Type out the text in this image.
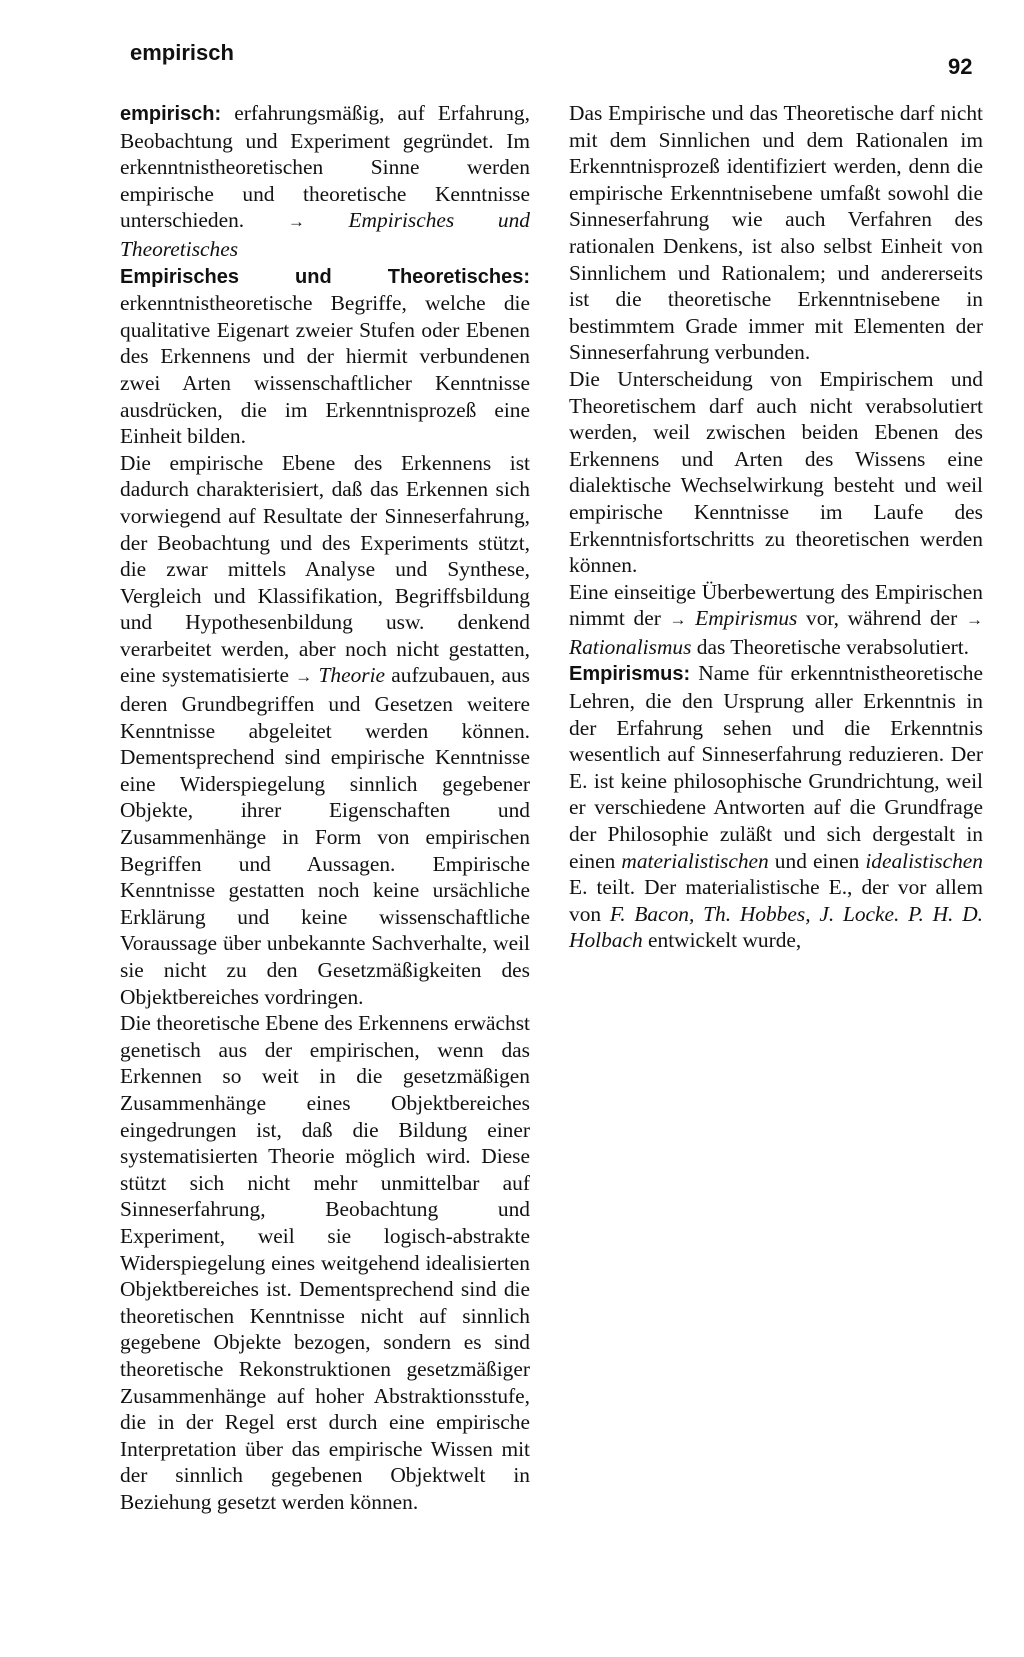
empirisch
92

empirisch: erfahrungsmäßig, auf Erfahrung, Beobachtung und Experiment gegründet. Im erkenntnistheoretischen Sinne werden empirische und theoretische Kenntnisse unterschieden.	→ Empirisches und Theoretisches

Empirisches und Theoretisches: erkenntnistheoretische Begriffe, welche die qualitative Eigenart zweier Stufen oder Ebenen des Erkennens und der hiermit verbundenen zwei Arten wissenschaftlicher Kenntnisse ausdrücken, die im Erkenntnisprozeß eine Einheit bilden.

Die empirische Ebene des Erkennens ist dadurch charakterisiert, daß das Erkennen sich vorwiegend auf Resultate der Sinneserfahrung, der Beobachtung und des Experiments stützt, die zwar mittels Analyse und Synthese, Vergleich und Klassifikation, Begriffsbildung und Hypothesenbildung usw. denkend verarbeitet werden, aber noch nicht gestatten, eine systematisierte → Theorie aufzubauen, aus deren Grundbegriffen und Gesetzen weitere Kenntnisse abgeleitet werden können. Dementsprechend sind empirische Kenntnisse eine Widerspiegelung sinnlich gegebener Objekte, ihrer Eigenschaften und Zusammenhänge in Form von empirischen Begriffen und Aussagen. Empirische Kenntnisse gestatten noch keine ursächliche Erklärung und keine wissenschaftliche Voraussage über unbekannte Sachverhalte, weil sie nicht zu den Gesetzmäßigkeiten des Objektbereiches vordringen.

Die theoretische Ebene des Erkennens erwächst genetisch aus der empirischen, wenn das Erkennen so weit in die gesetzmäßigen Zusammenhänge eines Objektbereiches eingedrungen ist, daß die Bildung einer systematisierten Theorie möglich wird. Diese stützt sich nicht mehr unmittelbar auf Sinneserfahrung, Beobachtung und Experiment, weil sie logisch-abstrakte Widerspiegelung eines weitgehend idealisierten Objektbereiches ist. Dementsprechend sind die theoretischen Kenntnisse nicht auf sinnlich gegebene Objekte bezogen, sondern es sind theoretische Rekonstruktionen gesetzmäßiger Zusammenhänge auf hoher Abstraktionsstufe, die in der Regel erst durch eine empirische Interpretation über das empirische Wissen mit der sinnlich gegebenen Objektwelt in Beziehung gesetzt werden können.

Das Empirische und das Theoretische darf nicht mit dem Sinnlichen und dem Rationalen im Erkenntnisprozeß identifiziert werden, denn die empirische Erkenntnisebene umfaßt sowohl die Sinneserfahrung wie auch Verfahren des rationalen Denkens, ist also selbst Einheit von Sinnlichem und Rationalem; und andererseits ist die theoretische Erkenntnisebene in bestimmtem Grade immer mit Elementen der Sinneserfahrung verbunden.

Die Unterscheidung von Empirischem und Theoretischem darf auch nicht verabsolutiert werden, weil zwischen beiden Ebenen des Erkennens und Arten des Wissens eine dialektische Wechselwirkung besteht und weil empirische Kenntnisse im Laufe des Erkenntnisfortschritts zu theoretischen werden können.

Eine einseitige Überbewertung des Empirischen nimmt der → Empirismus vor, während der → Rationalismus das Theoretische verabsolutiert.

Empirismus: Name für erkenntnistheoretische Lehren, die den Ursprung aller Erkenntnis in der Erfahrung sehen und die Erkenntnis wesentlich auf Sinneserfahrung reduzieren. Der E. ist keine philosophische Grundrichtung, weil er verschiedene Antworten auf die Grundfrage der Philosophie zuläßt und sich dergestalt in einen materialistischen und einen idealistischen E. teilt. Der materialistische E., der vor allem von F. Bacon, Th. Hobbes, J. Locke. P. H. D. Holbach entwickelt wurde,
